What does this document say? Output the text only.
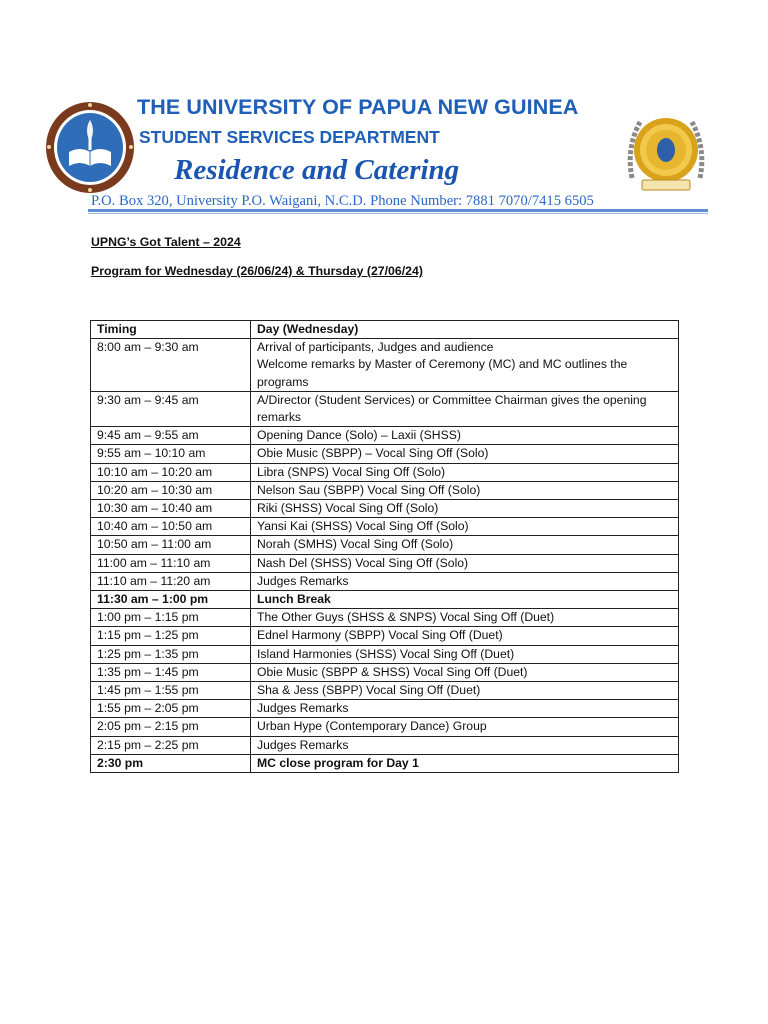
THE UNIVERSITY OF PAPUA NEW GUINEA
STUDENT SERVICES DEPARTMENT
Residence and Catering
P.O. Box 320, University P.O. Waigani, N.C.D. Phone Number: 7881 7070/7415 6505
UPNG’s Got Talent – 2024
Program for Wednesday (26/06/24) & Thursday (27/06/24)
Timing	Day (Wednesday)
8:00 am – 9:30 am	Arrival of participants, Judges and audience
Welcome remarks by Master of Ceremony (MC) and MC outlines the programs
9:30 am – 9:45 am	A/Director (Student Services) or Committee Chairman gives the opening remarks
9:45 am – 9:55 am	Opening Dance (Solo) – Laxii (SHSS)
9:55 am – 10:10 am	Obie Music (SBPP) – Vocal Sing Off (Solo)
10:10 am – 10:20 am	Libra (SNPS) Vocal Sing Off (Solo)
10:20 am – 10:30 am	Nelson Sau (SBPP) Vocal Sing Off (Solo)
10:30 am – 10:40 am	Riki (SHSS) Vocal Sing Off (Solo)
10:40 am – 10:50 am	Yansi Kai (SHSS) Vocal Sing Off (Solo)
10:50 am – 11:00 am	Norah (SMHS) Vocal Sing Off (Solo)
11:00 am – 11:10 am	Nash Del (SHSS) Vocal Sing Off (Solo)
11:10 am – 11:20 am	Judges Remarks
11:30 am – 1:00 pm	Lunch Break
1:00 pm – 1:15 pm	The Other Guys (SHSS & SNPS) Vocal Sing Off (Duet)
1:15 pm – 1:25 pm	Ednel Harmony (SBPP) Vocal Sing Off (Duet)
1:25 pm – 1:35 pm	Island Harmonies (SHSS) Vocal Sing Off (Duet)
1:35 pm – 1:45 pm	Obie Music (SBPP & SHSS) Vocal Sing Off (Duet)
1:45 pm – 1:55 pm	Sha & Jess (SBPP) Vocal Sing Off (Duet)
1:55 pm – 2:05 pm	Judges Remarks
2:05 pm – 2:15 pm	Urban Hype (Contemporary Dance) Group
2:15 pm – 2:25 pm	Judges Remarks
2:30 pm	MC close program for Day 1
